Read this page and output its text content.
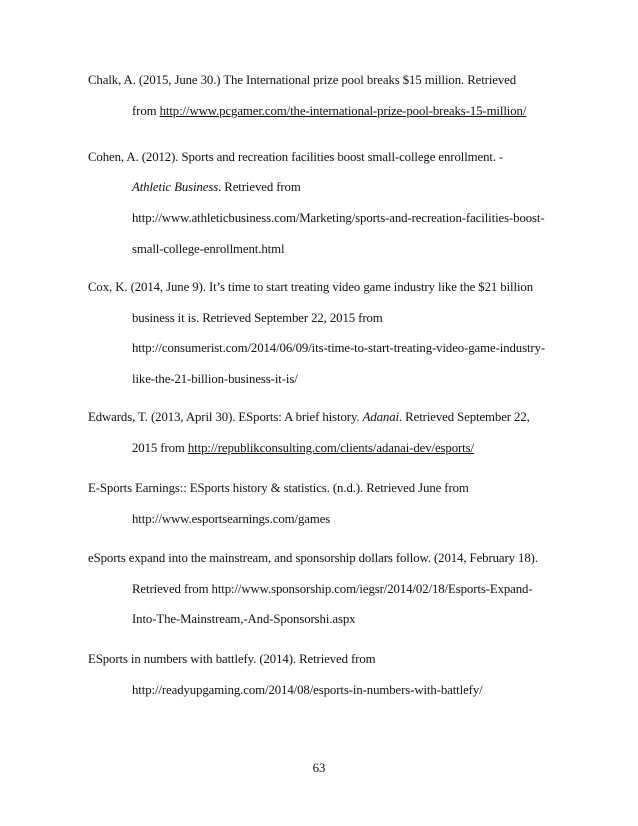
Chalk, A. (2015, June 30.) The International prize pool breaks $15 million. Retrieved
from http://www.pcgamer.com/the-international-prize-pool-breaks-15-million/
Cohen, A. (2012). Sports and recreation facilities boost small-college enrollment. -
Athletic Business. Retrieved from
http://www.athleticbusiness.com/Marketing/sports-and-recreation-facilities-boost-
small-college-enrollment.html
Cox, K. (2014, June 9). It’s time to start treating video game industry like the $21 billion
business it is. Retrieved September 22, 2015 from
http://consumerist.com/2014/06/09/its-time-to-start-treating-video-game-industry-
like-the-21-billion-business-it-is/
Edwards, T. (2013, April 30). ESports: A brief history. Adanai. Retrieved September 22,
2015 from http://republikconsulting.com/clients/adanai-dev/esports/
E-Sports Earnings:: ESports history & statistics. (n.d.). Retrieved June from
http://www.esportsearnings.com/games
eSports expand into the mainstream, and sponsorship dollars follow. (2014, February 18).
Retrieved from http://www.sponsorship.com/iegsr/2014/02/18/Esports-Expand-
Into-The-Mainstream,-And-Sponsorshi.aspx
ESports in numbers with battlefy. (2014). Retrieved from
http://readyupgaming.com/2014/08/esports-in-numbers-with-battlefy/
63
